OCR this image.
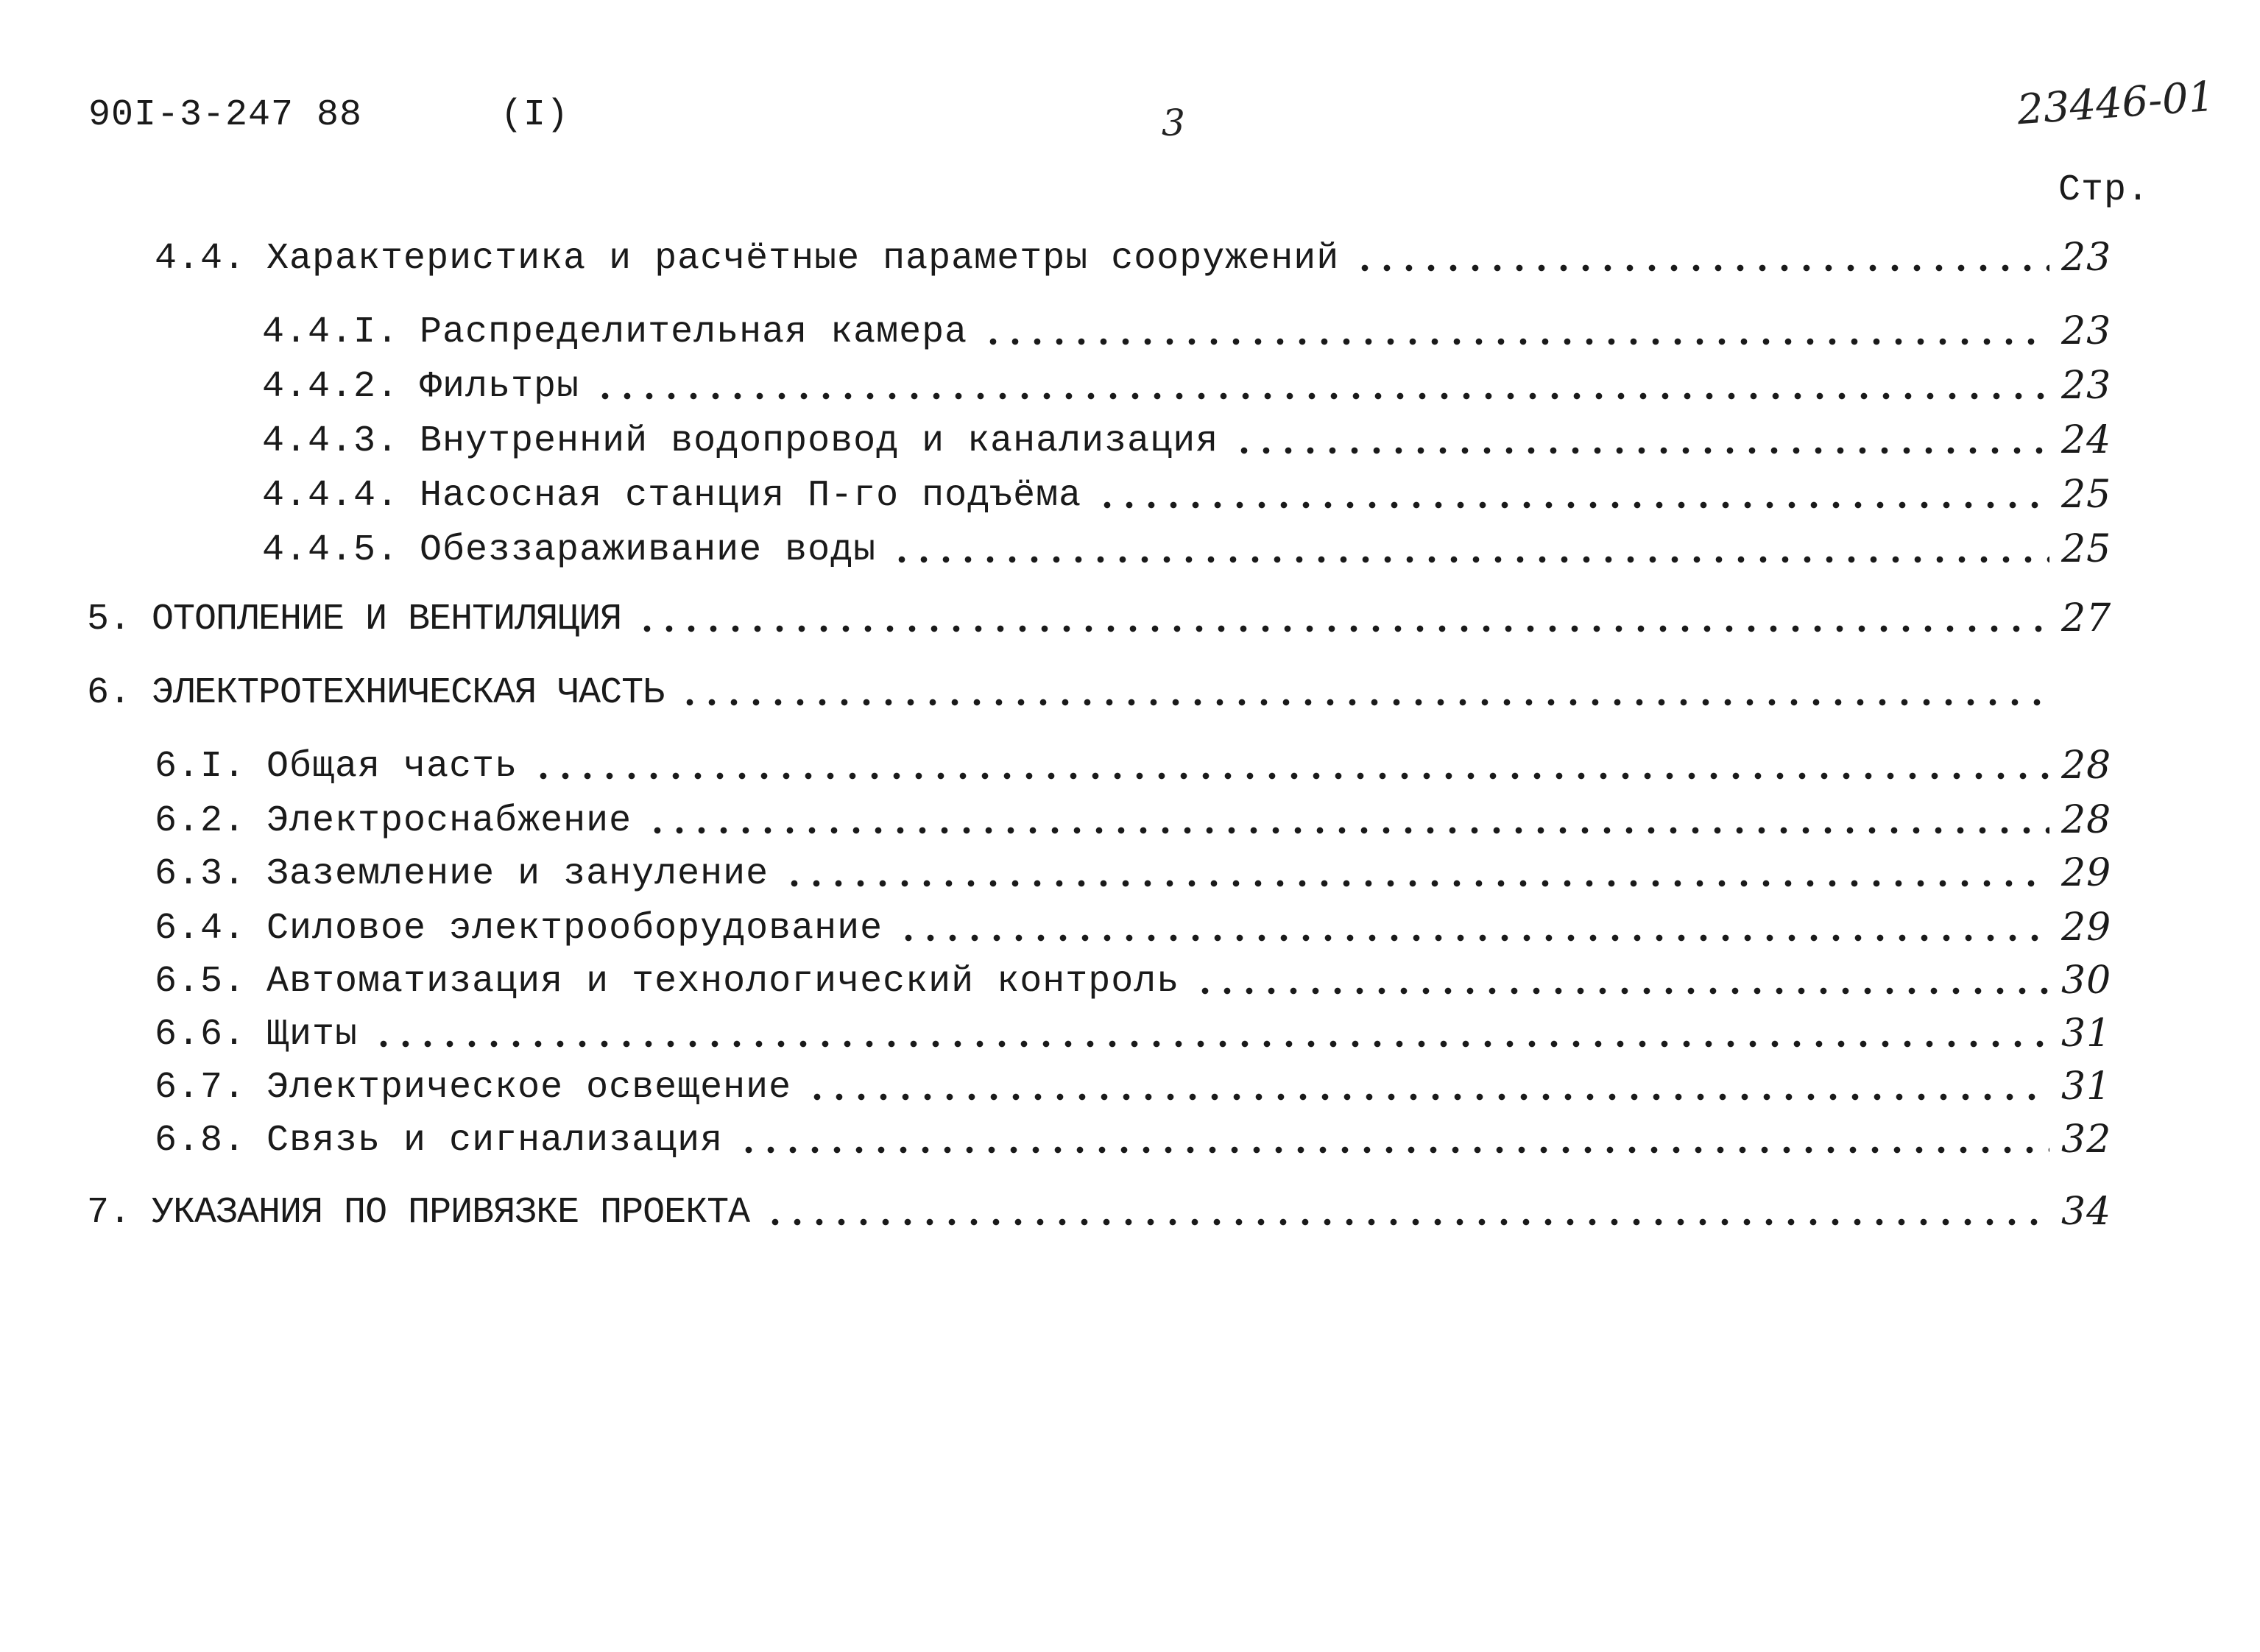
90I-3-247 88	(I)	3	23446-01
Стр.
4.4. Характеристика и расчётные параметры сооружений	23
4.4.I. Распределительная камера	23
4.4.2. Фильтры	23
4.4.3. Внутренний водопровод и канализация	24
4.4.4. Насосная станция П-го подъёма	25
4.4.5. Обеззараживание воды	25
5. ОТОПЛЕНИЕ И ВЕНТИЛЯЦИЯ	27
6. ЭЛЕКТРОТЕХНИЧЕСКАЯ ЧАСТЬ
6.I. Общая часть	28
6.2. Электроснабжение	28
6.3. Заземление и зануление	29
6.4. Силовое электрооборудование	29
6.5. Автоматизация и технологический контроль	30
6.6. Щиты	31
6.7. Электрическое освещение	31
6.8. Связь и сигнализация	32
7. УКАЗАНИЯ ПО ПРИВЯЗКЕ ПРОЕКТА	34
